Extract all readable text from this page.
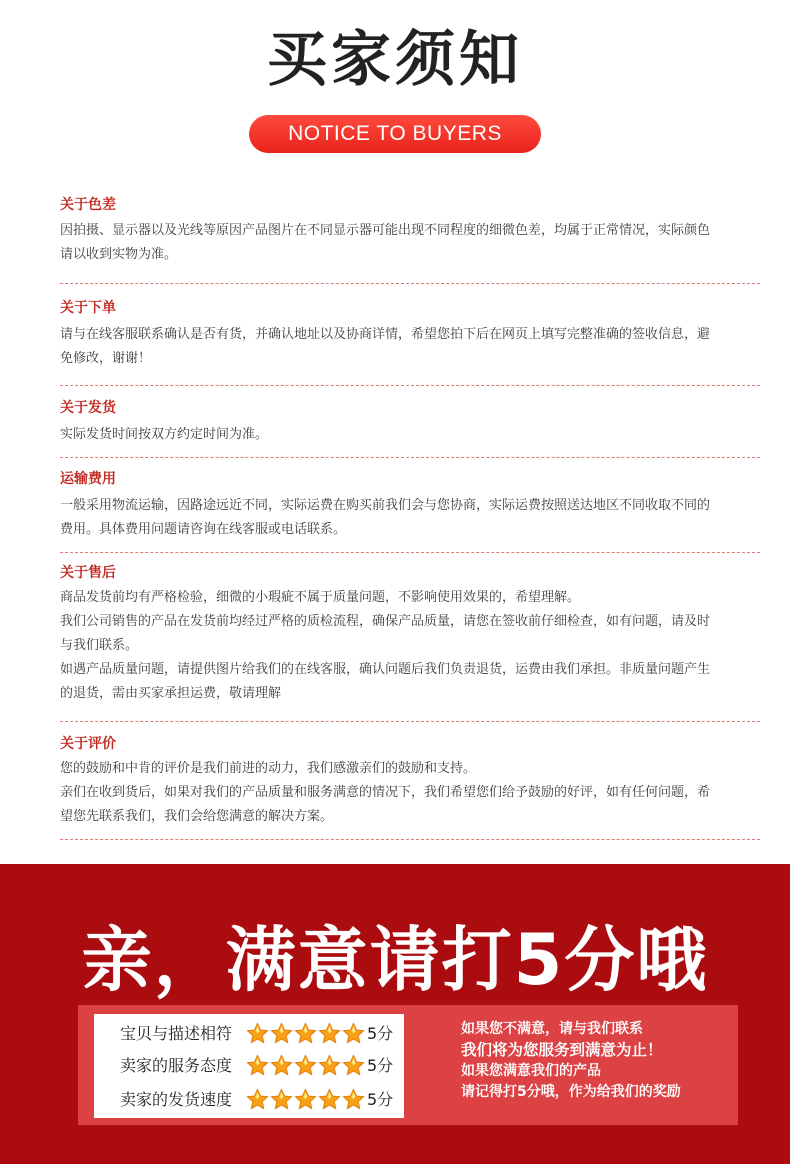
买家须知
NOTICE TO BUYERS
关于色差

因拍摄、显示器以及光线等原因产品图片在不同显示器可能出现不同程度的细微色差，均属于正常情况，实际颜色

请以收到实物为准。

关于下单

请与在线客服联系确认是否有货，并确认地址以及协商详情，希望您拍下后在网页上填写完整准确的签收信息，避

免修改，谢谢！

关于发货

实际发货时间按双方约定时间为准。

运输费用

一般采用物流运输，因路途远近不同，实际运费在购买前我们会与您协商，实际运费按照送达地区不同收取不同的

费用。具体费用问题请咨询在线客服或电话联系。

关于售后

商品发货前均有严格检验，细微的小瑕疵不属于质量问题，不影响使用效果的，希望理解。

我们公司销售的产品在发货前均经过严格的质检流程，确保产品质量，请您在签收前仔细检查，如有问题，请及时

与我们联系。

如遇产品质量问题，请提供图片给我们的在线客服，确认问题后我们负责退货，运费由我们承担。非质量问题产生

的退货，需由买家承担运费，敬请理解

关于评价

您的鼓励和中肯的评价是我们前进的动力，我们感激亲们的鼓励和支持。

亲们在收到货后，如果对我们的产品质量和服务满意的情况下，我们希望您们给予鼓励的好评，如有任何问题，希

望您先联系我们，我们会给您满意的解决方案。

亲，满意请打5分哦
宝贝与描述相符	5分
卖家的服务态度	5分
卖家的发货速度	5分

如果您不满意，请与我们联系

我们将为您服务到满意为止！

如果您满意我们的产品

请记得打5分哦，作为给我们的奖励
